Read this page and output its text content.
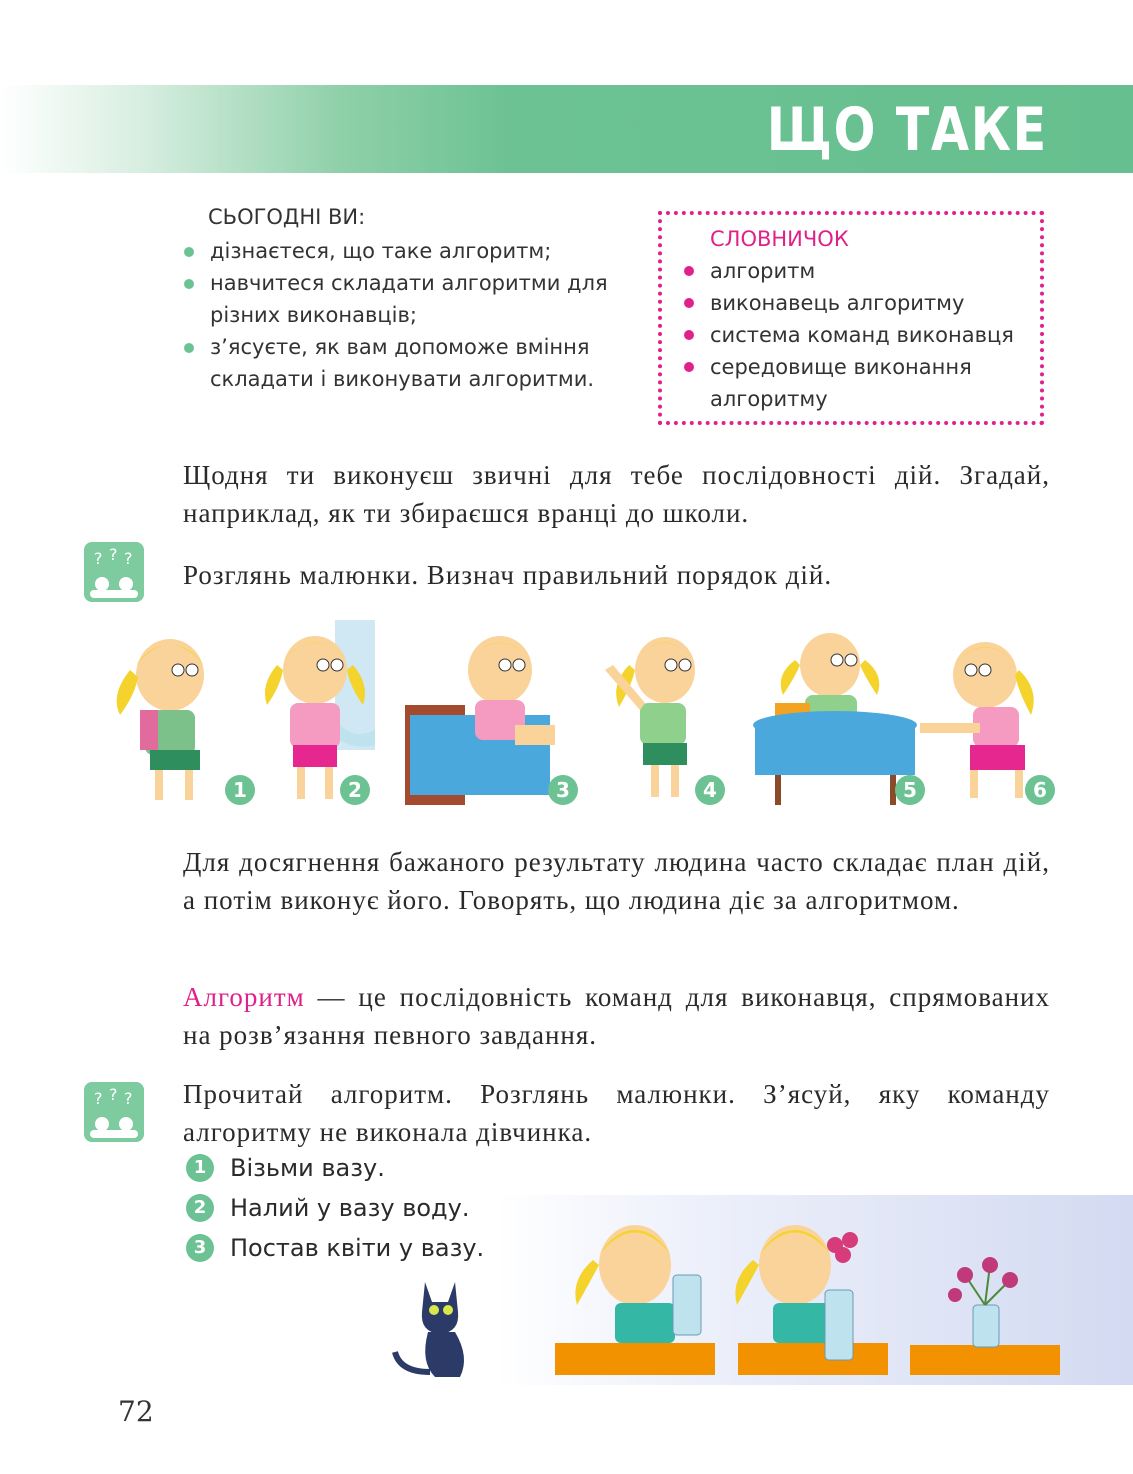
ЩО ТАКЕ
СЬОГОДНІ ВИ:
дізнаєтеся, що таке алгоритм;
навчитеся складати алгоритми для різних виконавців;
з’ясуєте, як вам допоможе вміння складати і виконувати алгоритми.
СЛОВНИЧОК
алгоритм
виконавець алгоритму
система команд виконавця
середовище виконання алгоритму
Щодня ти виконуєш звичні для тебе послідовності дій. Згадай, наприклад, як ти збираєшся вранці до школи.
? ? ?
Розглянь малюнки. Визнач правильний порядок дій.
1	2	3	4	5	6
Для досягнення бажаного результату людина часто складає план дій, а потім виконує його. Говорять, що людина діє за алгоритмом.
Алгоритм — це послідовність команд для виконавця, спрямованих на розв’язання певного завдання.
? ? ? Прочитай алгоритм. Розглянь малюнки. З’ясуй, яку команду алгоритму не виконала дівчинка.
1 Візьми вазу.
2 Налий у вазу воду.
3 Постав квіти у вазу.
72
